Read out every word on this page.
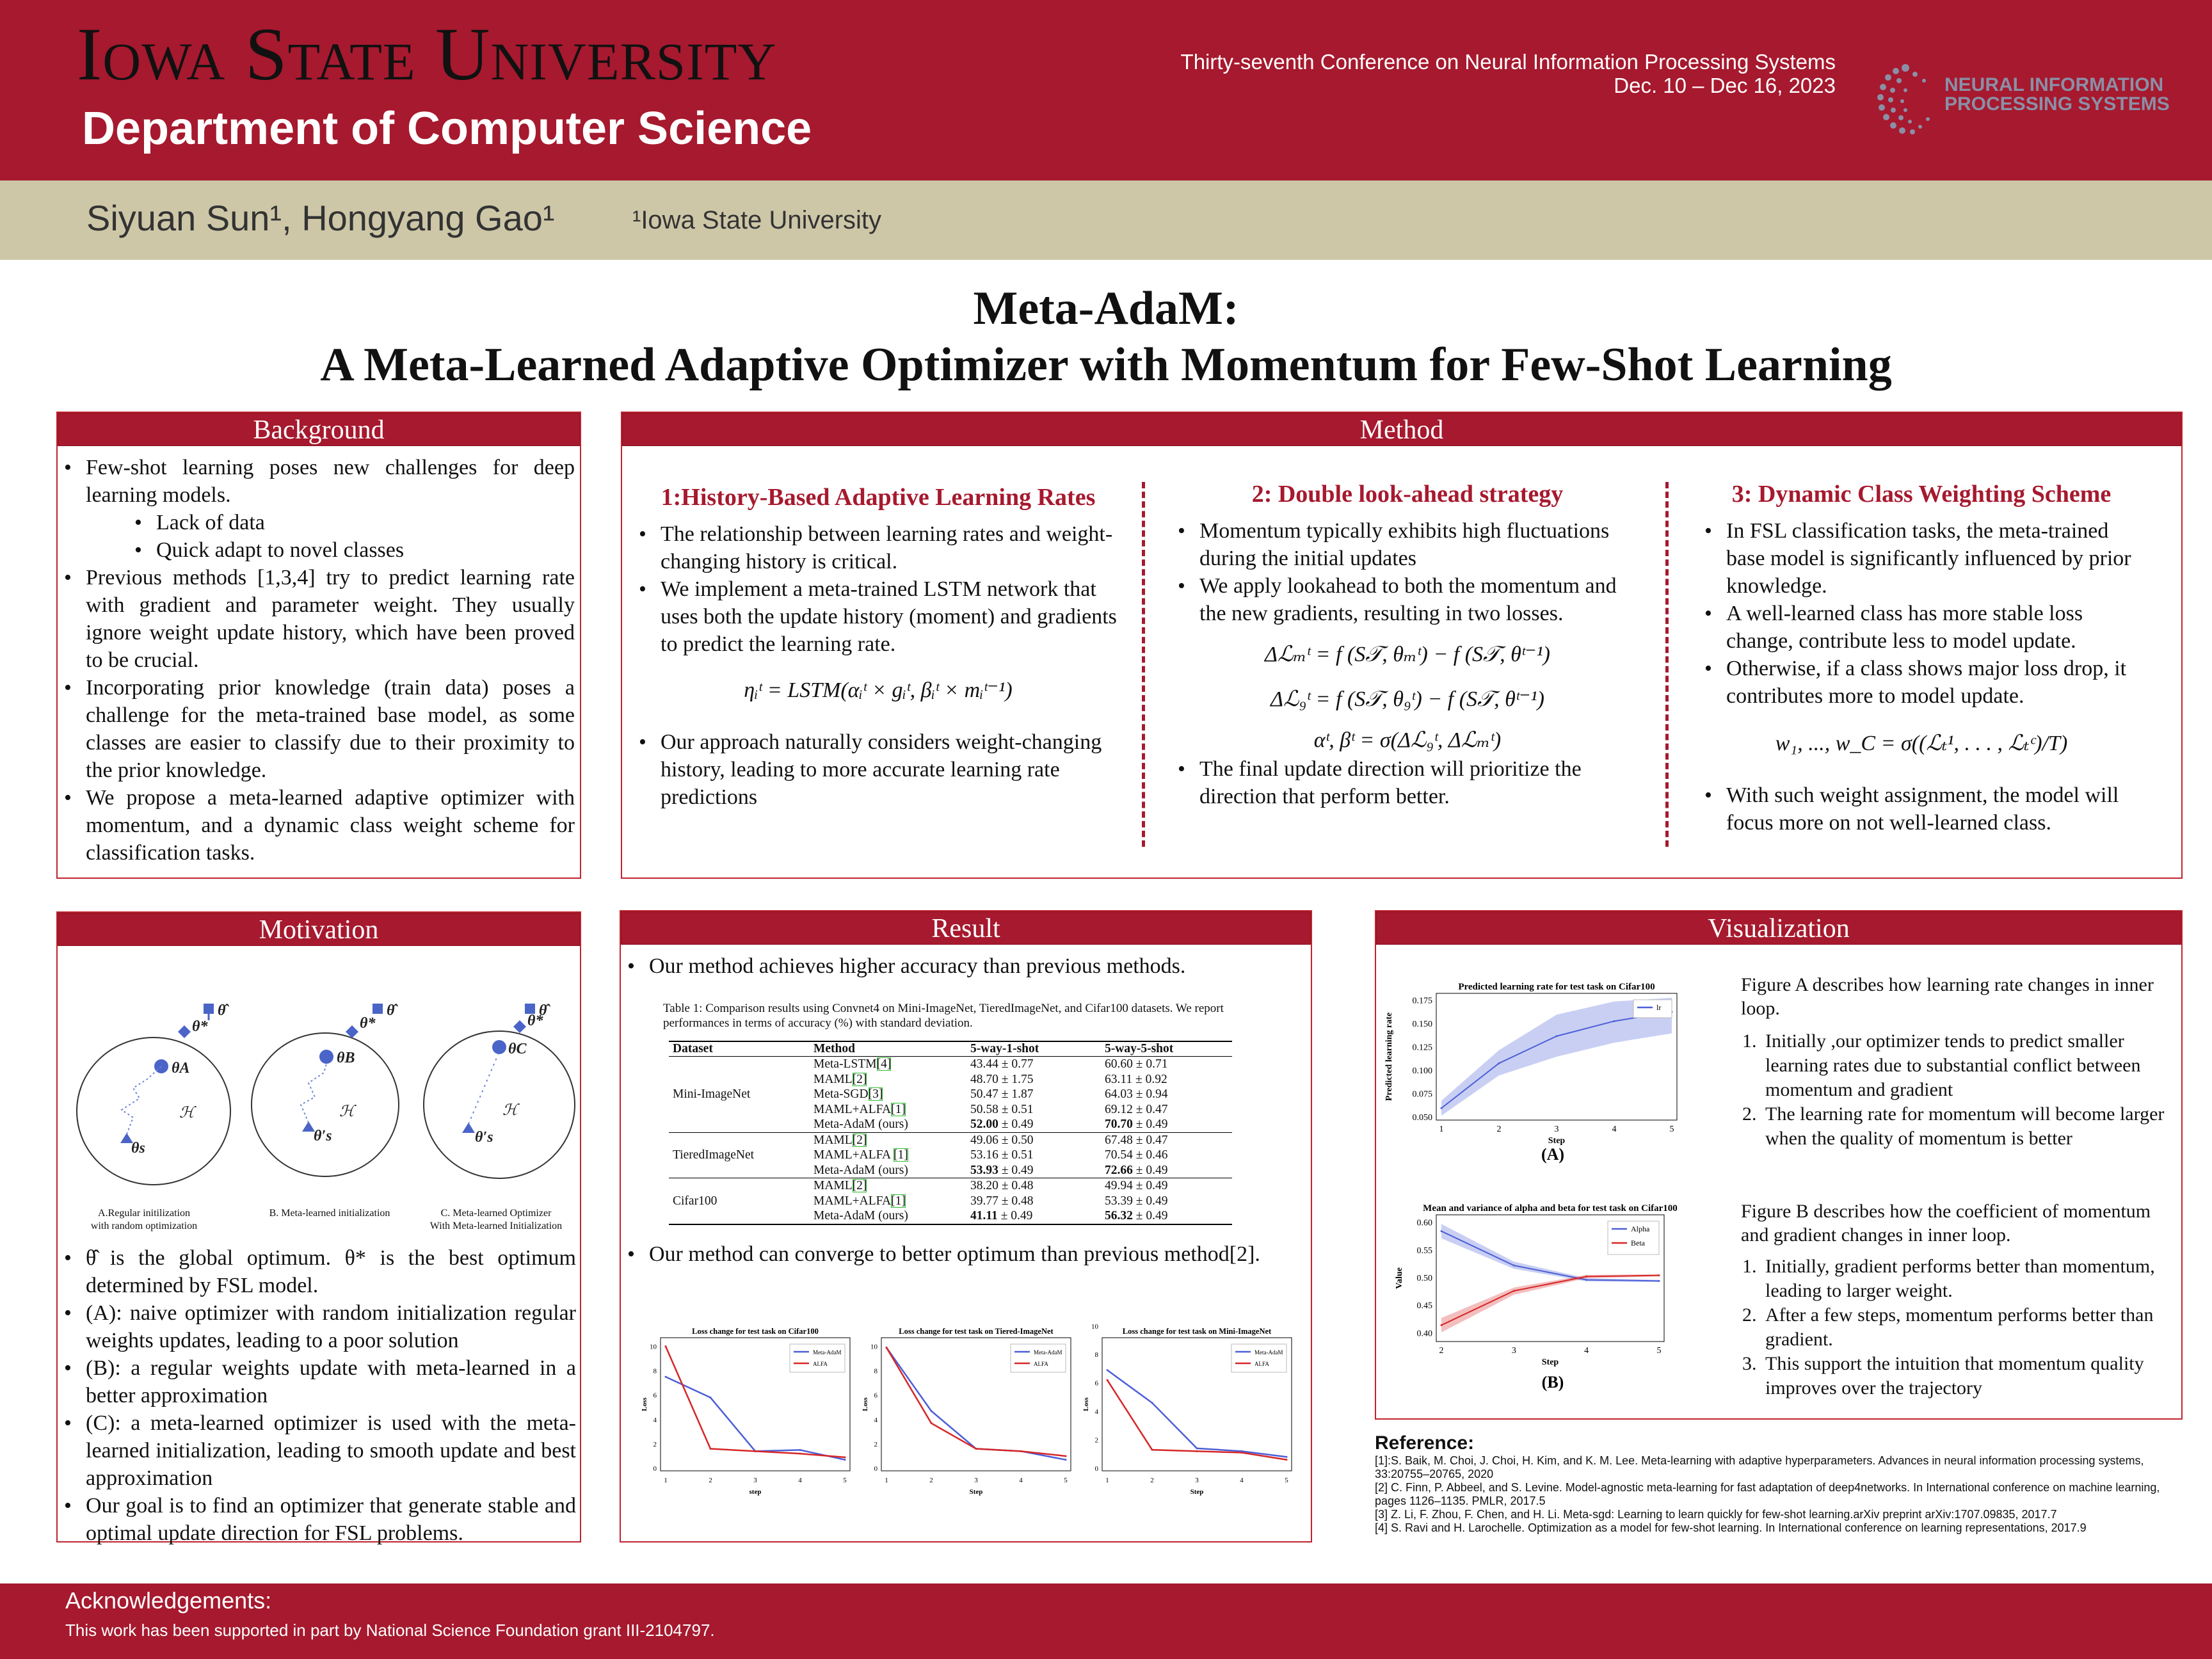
Iowa State University
Department of Computer Science
Thirty-seventh Conference on Neural Information Processing Systems
Dec. 10 – Dec 16, 2023	NEURAL INFORMATION
PROCESSING SYSTEMS
Siyuan Sun¹, Hongyang Gao¹	¹Iowa State University
Meta-AdaM:
A Meta-Learned Adaptive Optimizer with Momentum for Few-Shot Learning
Background
• Few-shot learning poses new challenges for deep learning models.
• Lack of data
• Quick adapt to novel classes
• Previous methods [1,3,4] try to predict learning rate with gradient and parameter weight. They usually ignore weight update history, which have been proved to be crucial.
• Incorporating prior knowledge (train data) poses a challenge for the meta-trained base model, as some classes are easier to classify due to their proximity to the prior knowledge.
• We propose a meta-learned adaptive optimizer with momentum, and a dynamic class weight scheme for classification tasks.
Method
1:History-Based Adaptive Learning Rates
• The relationship between learning rates and weight-changing history is critical.
• We implement a meta-trained LSTM network that uses both the update history (moment) and gradients to predict the learning rate.
ηᵢᵗ = LSTM(αᵢᵗ × gᵢᵗ, βᵢᵗ × mᵢᵗ⁻¹)
• Our approach naturally considers weight-changing history, leading to more accurate learning rate predictions
2: Double look-ahead strategy
• Momentum typically exhibits high fluctuations during the initial updates
• We apply lookahead to both the momentum and the new gradients, resulting in two losses.
Δℒₘᵗ = f (S𝒯, θₘᵗ) − f (S𝒯, θᵗ⁻¹)
Δℒ₉ᵗ = f (S𝒯, θ₉ᵗ) − f (S𝒯, θᵗ⁻¹)
αᵗ, βᵗ = σ(Δℒ₉ᵗ, Δℒₘᵗ)
• The final update direction will prioritize the direction that perform better.
3: Dynamic Class Weighting Scheme
• In FSL classification tasks, the meta-trained base model is significantly influenced by prior knowledge.
• A well-learned class has more stable loss change, contribute less to model update.
• Otherwise, if a class shows major loss drop, it contributes more to model update.
w₁, ..., w_C = σ((ℒₜ¹, . . . , ℒₜᶜ)/T)
• With such weight assignment, the model will focus more on not well-learned class.
Motivation
θ̂
θ*
θA
θs
ℋ
θ̂
θ*
θB
θ′s
ℋ
θ̂
θ*
θC
θ′s
ℋ
A.Regular initilization
with random optimization
B. Meta-learned initialization	C. Meta-learned Optimizer
With Meta-learned Initialization
• θ̂ is the global optimum. θ* is the best optimum determined by FSL model.
• (A): naive optimizer with random initialization regular weights updates, leading to a poor solution
• (B): a regular weights update with meta-learned in a better approximation
• (C): a meta-learned optimizer is used with the meta-learned initialization, leading to smooth update and best approximation
• Our goal is to find an optimizer that generate stable and optimal update direction for FSL problems.
Result
• Our method achieves higher accuracy than previous methods.
Table 1: Comparison results using Convnet4 on Mini-ImageNet, TieredImageNet, and Cifar100 datasets. We report performances in terms of accuracy (%) with standard deviation.
Dataset	Method	5-way-1-shot	5-way-5-shot
Mini-ImageNet	Meta-LSTM[4]	43.44 ± 0.77	60.60 ± 0.71
	MAML[2]	48.70 ± 1.75	63.11 ± 0.92
	Meta-SGD[3]	50.47 ± 1.87	64.03 ± 0.94
	MAML+ALFA[1]	50.58 ± 0.51	69.12 ± 0.47
	Meta-AdaM (ours)	52.00 ± 0.49	70.70 ± 0.49
TieredImageNet	MAML[2]	49.06 ± 0.50	67.48 ± 0.47
	MAML+ALFA [1]	53.16 ± 0.51	70.54 ± 0.46
	Meta-AdaM (ours)	53.93 ± 0.49	72.66 ± 0.49
Cifar100	MAML[2]	38.20 ± 0.48	49.94 ± 0.49
	MAML+ALFA[1]	39.77 ± 0.48	53.39 ± 0.49
	Meta-AdaM (ours)	41.11 ± 0.49	56.32 ± 0.49
• Our method can converge to better optimum than previous method[2].
Loss change for test task on Cifar100
0
2
4
6
8
10
1	2	3	4	5
step
Loss
Meta-AdaM
ALFA
Loss change for test task on Tiered-ImageNet
0
2
4
6
8
10
1	2	3	4	5
Step
Loss
Meta-AdaM
ALFA
Loss change for test task on Mini-ImageNet
0
2
4
6
8
10
1	2	3	4	5
Step
Loss
Meta-AdaM
ALFA
Visualization
Predicted learning rate for test task on Cifar100
0.050
0.075
0.100
0.125
0.150
0.175
1	2	3	4	5
Step
Predicted learning rate
lr
(A)
Mean and variance of alpha and beta for test task on Cifar100
0.40
0.45
0.50
0.55
0.60
2	3	4	5
Step
Value
Alpha
Beta
(B)
Figure A describes how learning rate changes in inner loop.
1. Initially ,our optimizer tends to predict smaller learning rates due to substantial conflict between momentum and gradient
2. The learning rate for momentum will become larger when the quality of momentum is better
Figure B describes how the coefficient of momentum and gradient changes in inner loop.
1. Initially, gradient performs better than momentum, leading to larger weight.
2. After a few steps, momentum performs better than gradient.
3. This support the intuition that momentum quality improves over the trajectory
Reference:

[1]:S. Baik, M. Choi, J. Choi, H. Kim, and K. M. Lee. Meta-learning with adaptive hyperparameters. Advances in neural information processing systems, 33:20755–20765, 2020

[2] C. Finn, P. Abbeel, and S. Levine. Model-agnostic meta-learning for fast adaptation of deep4networks. In International conference on machine learning, pages 1126–1135. PMLR, 2017.5

[3] Z. Li, F. Zhou, F. Chen, and H. Li. Meta-sgd: Learning to learn quickly for few-shot learning.arXiv preprint arXiv:1707.09835, 2017.7

[4] S. Ravi and H. Larochelle. Optimization as a model for few-shot learning. In International conference on learning representations, 2017.9

Acknowledgements:
This work has been supported in part by National Science Foundation grant III-2104797.
